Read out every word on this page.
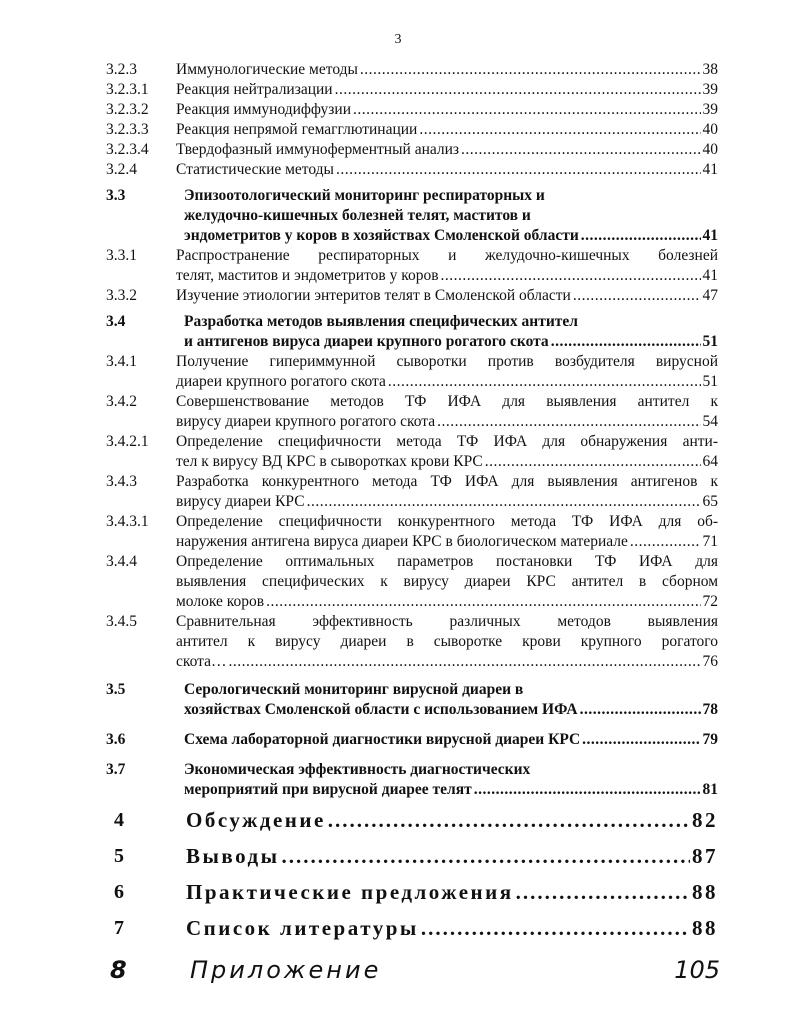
3
3.2.3	Иммунологические методы .....	38
3.2.3.1 Реакция нейтрализации .....	39
3.2.3.2 Реакция иммунодиффузии .....	39
3.2.3.3 Реакция непрямой гемагглютинации .....	40
3.2.3.4 Твердофазный иммуноферментный анализ .....	40
3.2.4	Статистические методы .....	41
3.3	Эпизоотологический мониторинг респираторных и
желудочно-кишечных болезней телят, маститов и
эндометритов у коров в хозяйствах Смоленской области .....	41
3.3.1	Распространение респираторных и желудочно-кишечных болезней
телят, маститов и эндометритов у коров .....	41
3.3.2	Изучение этиологии энтеритов телят в Смоленской области .....	47
3.4	Разработка методов выявления специфических антител
и антигенов вируса диареи крупного рогатого скота .....	51
3.4.1	Получение гипериммунной сыворотки против возбудителя вирусной
диареи крупного рогатого скота .....	51
3.4.2	Совершенствование методов ТФ ИФА для выявления антител к
вирусу диареи крупного рогатого скота .....	54
3.4.2.1 Определение специфичности метода ТФ ИФА для обнаружения анти-
тел к вирусу ВД КРС в сыворотках крови КРС .....	64
3.4.3	Разработка конкурентного метода ТФ ИФА для выявления антигенов к
вирусу диареи КРС .....	65
3.4.3.1 Определение специфичности конкурентного метода ТФ ИФА для об-
наружения антигена вируса диареи КРС в биологическом материале .....	71
3.4.4	Определение оптимальных параметров постановки ТФ ИФА для
выявления специфических к вирусу диареи КРС антител в сборном
молоке коров .....	72
3.4.5	Сравнительная эффективность различных методов выявления
антител к вирусу диареи в сыворотке крови крупного рогатого
скота… .....	76
3.5	Серологический мониторинг вирусной диареи в
хозяйствах Смоленской области с использованием ИФА .....	78
3.6	Схема лабораторной диагностики вирусной диареи КРС .....	79
3.7	Экономическая эффективность диагностических
мероприятий при вирусной диарее телят .....	81
4	Обсуждение .....	82
5	Выводы .....	87
6	Практические предложения .....	88
7	Список литературы .....	88
8	Приложение	105
